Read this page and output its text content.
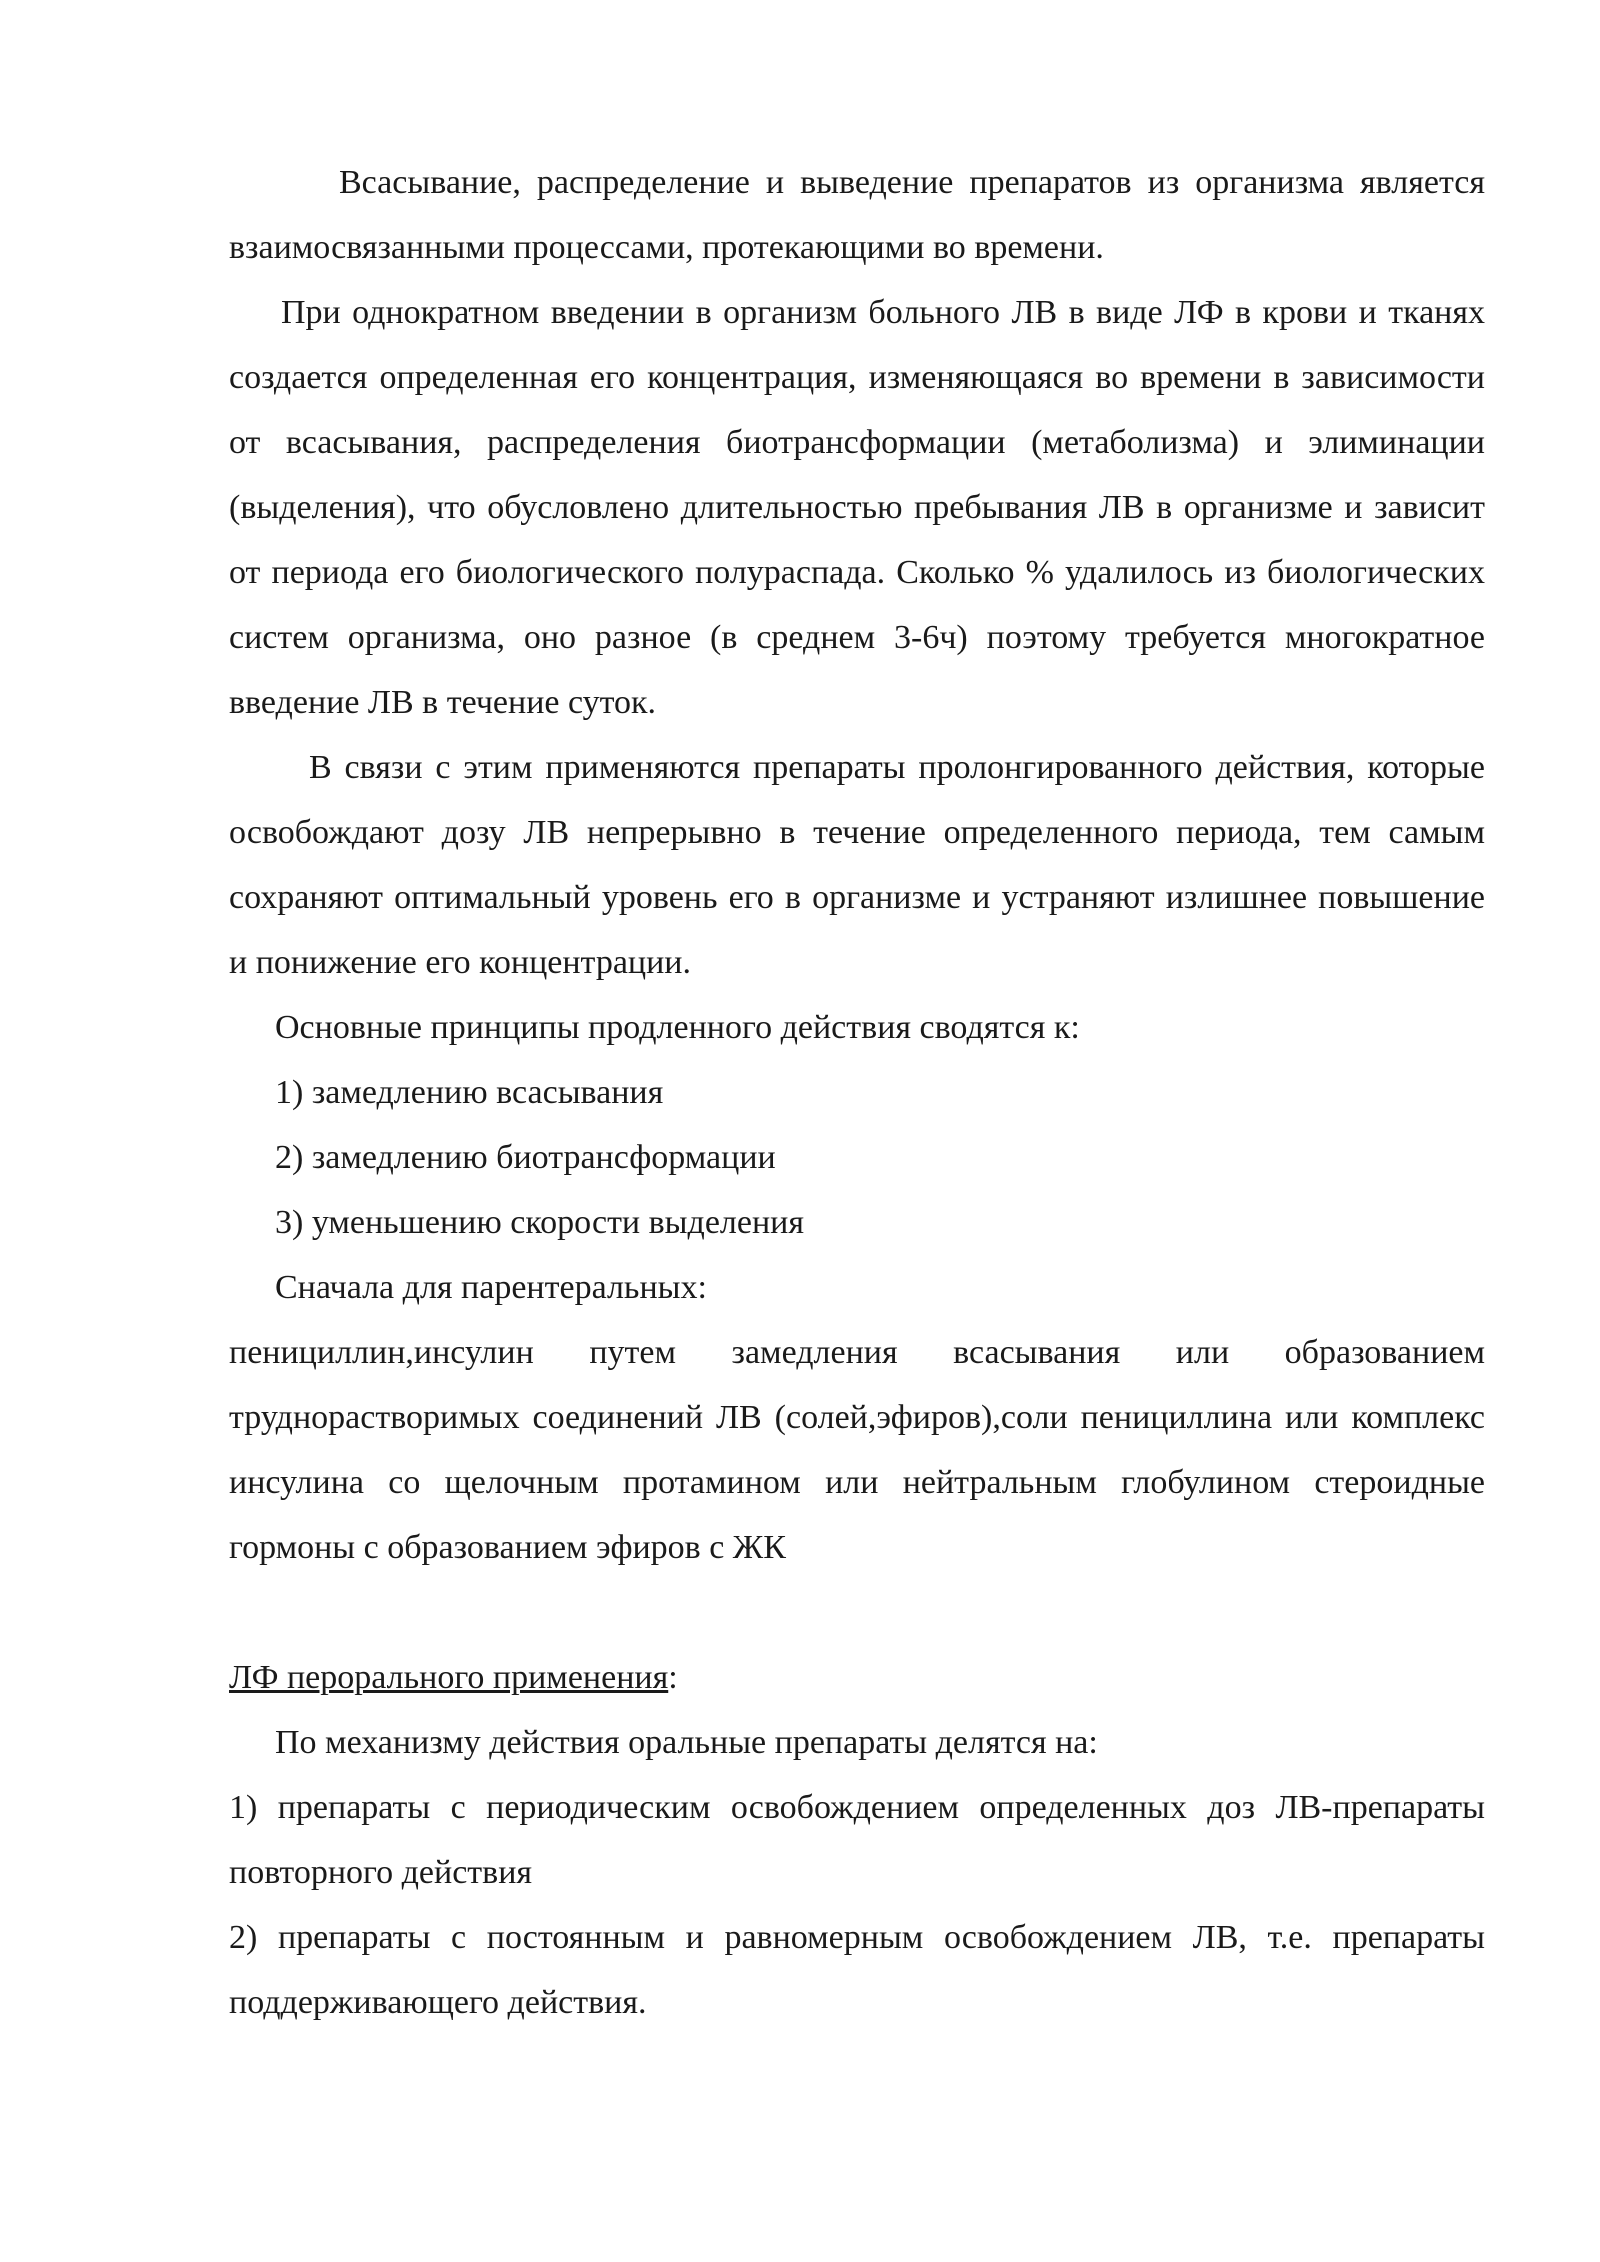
Всасывание, распределение и выведение препаратов из организма является взаимосвязанными процессами, протекающими во времени.

При однократном введении в организм больного ЛВ в виде ЛФ в крови и тканях создается определенная его концентрация, изменяющаяся во времени в зависимости от всасывания, распределения биотрансформации (метаболизма) и элиминации (выделения), что обусловлено длительностью пребывания ЛВ в организме и зависит от периода его биологического полураспада. Сколько % удалилось из биологических систем организма, оно разное (в среднем 3-6ч) поэтому требуется многократное введение ЛВ в течение суток.

В связи с этим применяются препараты пролонгированного действия, которые освобождают дозу ЛВ непрерывно в течение определенного периода, тем самым сохраняют оптимальный уровень его в организме и устраняют излишнее повышение и понижение его концентрации.

Основные принципы продленного действия сводятся к:

1) замедлению всасывания

2) замедлению биотрансформации

3) уменьшению скорости выделения

Сначала для парентеральных:

пенициллин,инсулин путем замедления всасывания или образованием труднорастворимых соединений ЛВ (солей,эфиров),соли пенициллина или комплекс инсулина со щелочным протамином или нейтральным глобулином стероидные гормоны с образованием эфиров с ЖК

ЛФ перорального применения:

По механизму действия оральные препараты делятся на:

1) препараты с периодическим освобождением определенных доз ЛВ-препараты повторного действия

2) препараты с постоянным и равномерным освобождением ЛВ, т.е. препараты поддерживающего действия.
